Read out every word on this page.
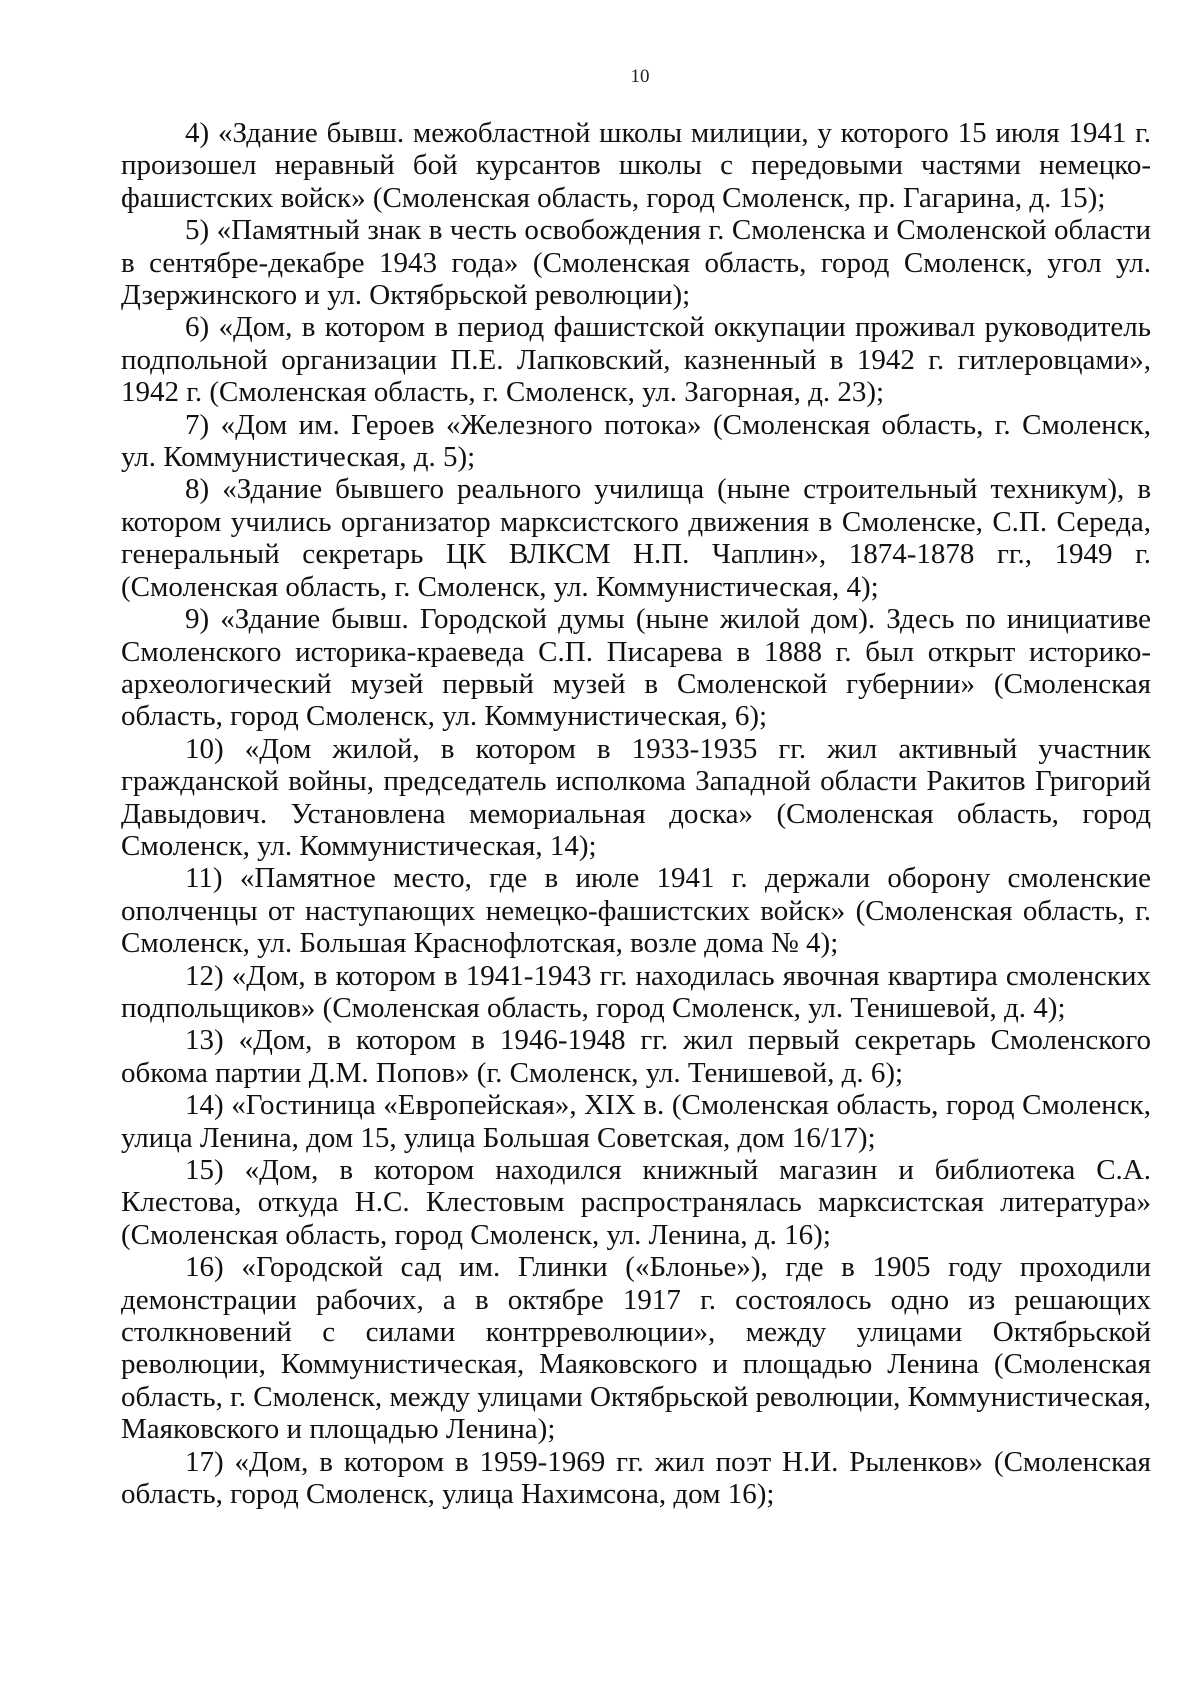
10

4) «Здание бывш. межобластной школы милиции, у которого 15 июля 1941 г. произошел неравный бой курсантов школы с передовыми частями немецко-фашистских войск» (Смоленская область, город Смоленск, пр. Гагарина, д. 15);

5) «Памятный знак в честь освобождения г. Смоленска и Смоленской области в сентябре-декабре 1943 года» (Смоленская область, город Смоленск, угол ул. Дзержинского и ул. Октябрьской революции);

6) «Дом, в котором в период фашистской оккупации проживал руководитель подпольной организации П.Е. Лапковский, казненный в 1942 г. гитлеровцами», 1942 г. (Смоленская область, г. Смоленск, ул. Загорная, д. 23);

7) «Дом им. Героев «Железного потока» (Смоленская область, г. Смоленск, ул. Коммунистическая, д. 5);

8) «Здание бывшего реального училища (ныне строительный техникум), в котором учились организатор марксистского движения в Смоленске, С.П. Середа, генеральный секретарь ЦК ВЛКСМ Н.П. Чаплин», 1874-1878 гг., 1949 г. (Смоленская область, г. Смоленск, ул. Коммунистическая, 4);

9) «Здание бывш. Городской думы (ныне жилой дом). Здесь по инициативе Смоленского историка-краеведа С.П. Писарева в 1888 г. был открыт историко-археологический музей первый музей в Смоленской губернии» (Смоленская область, город Смоленск, ул. Коммунистическая, 6);

10) «Дом жилой, в котором в 1933-1935 гг. жил активный участник гражданской войны, председатель исполкома Западной области Ракитов Григорий Давыдович. Установлена мемориальная доска» (Смоленская область, город Смоленск, ул. Коммунистическая, 14);

11) «Памятное место, где в июле 1941 г. держали оборону смоленские ополченцы от наступающих немецко-фашистских войск» (Смоленская область, г. Смоленск, ул. Большая Краснофлотская, возле дома № 4);

12) «Дом, в котором в 1941-1943 гг. находилась явочная квартира смоленских подпольщиков» (Смоленская область, город Смоленск, ул. Тенишевой, д. 4);

13) «Дом, в котором в 1946-1948 гг. жил первый секретарь Смоленского обкома партии Д.М. Попов» (г. Смоленск, ул. Тенишевой, д. 6);

14) «Гостиница «Европейская», XIX в. (Смоленская область, город Смоленск, улица Ленина, дом 15, улица Большая Советская, дом 16/17);

15) «Дом, в котором находился книжный магазин и библиотека С.А. Клестова, откуда Н.С. Клестовым распространялась марксистская литература» (Смоленская область, город Смоленск, ул. Ленина, д. 16);

16) «Городской сад им. Глинки («Блонье»), где в 1905 году проходили демонстрации рабочих, а в октябре 1917 г. состоялось одно из решающих столкновений с силами контрреволюции», между улицами Октябрьской революции, Коммунистическая, Маяковского и площадью Ленина (Смоленская область, г. Смоленск, между улицами Октябрьской революции, Коммунистическая, Маяковского и площадью Ленина);

17) «Дом, в котором в 1959-1969 гг. жил поэт Н.И. Рыленков» (Смоленская область, город Смоленск, улица Нахимсона, дом 16);
